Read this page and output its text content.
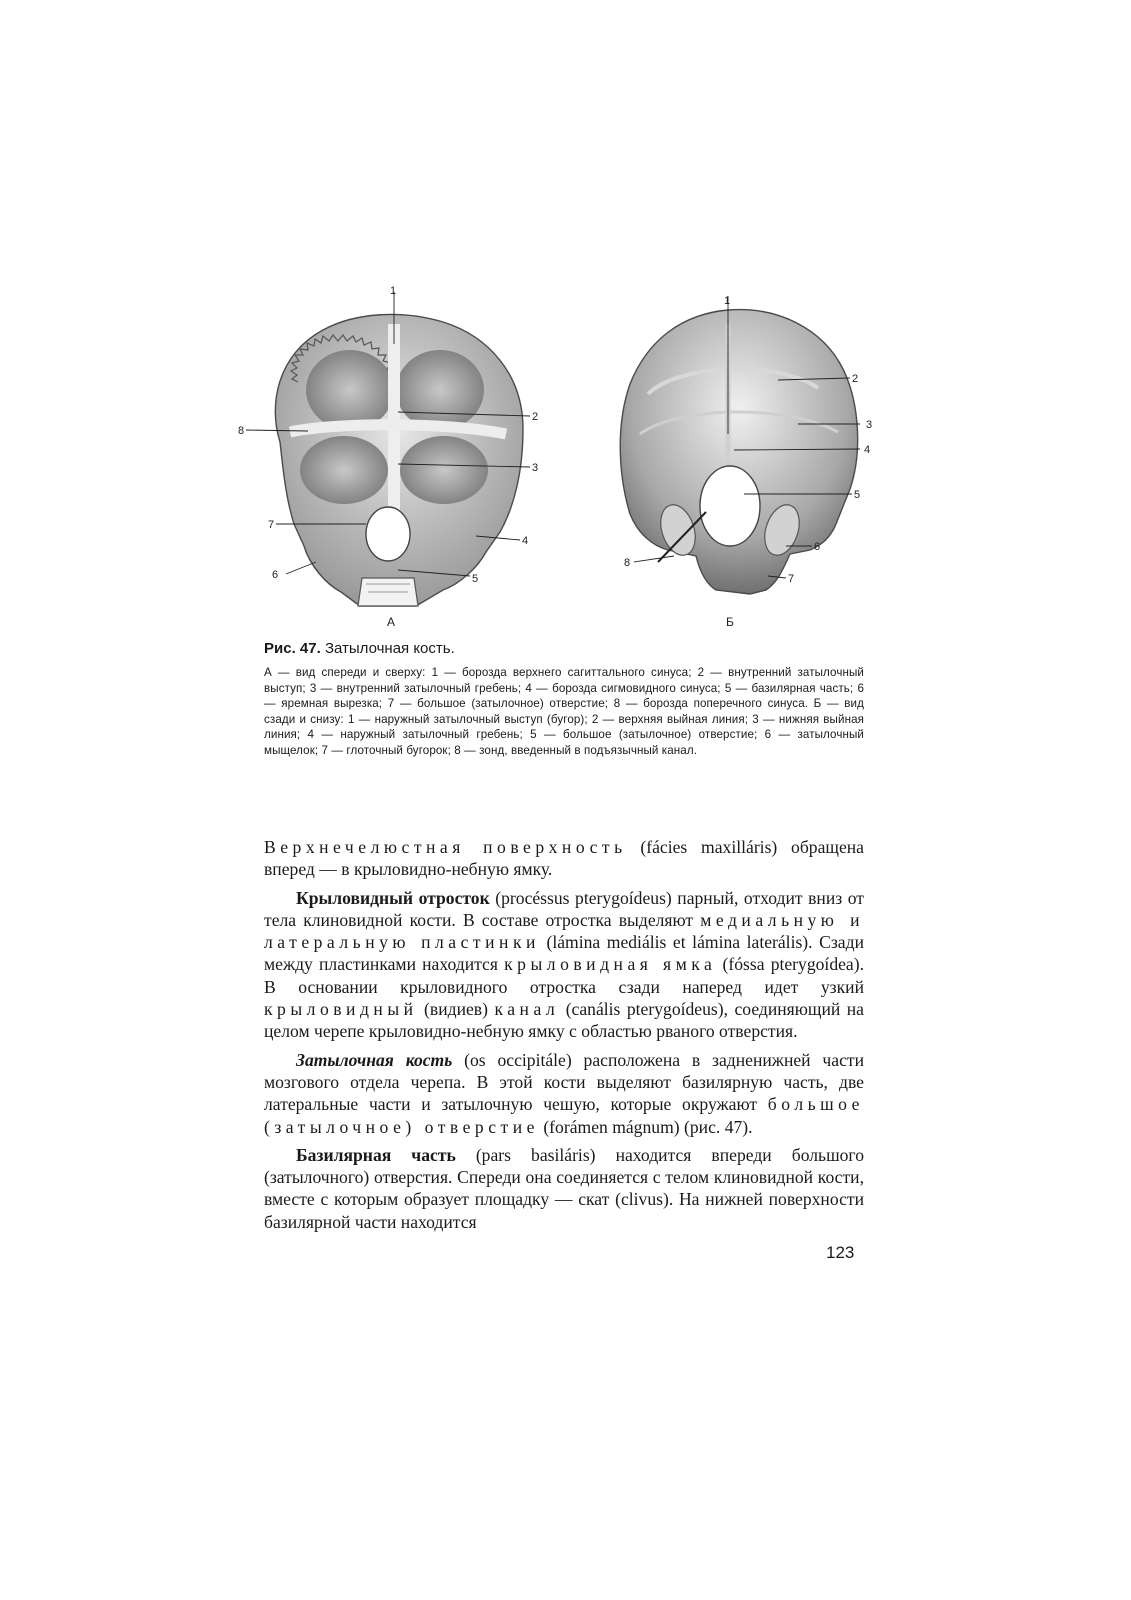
1
2
3
4
5
6
7
8
А
1
2
3
4
5
6
7
8
Б

Рис. 47. Затылочная кость.

А — вид спереди и сверху: 1 — борозда верхнего сагиттального синуса; 2 — внутренний затылочный выступ; 3 — внутренний затылочный гребень; 4 — борозда сигмовидного синуса; 5 — базилярная часть; 6 — яремная вырезка; 7 — большое (затылочное) отверстие; 8 — борозда поперечного синуса. Б — вид сзади и снизу: 1 — наружный затылочный выступ (бугор); 2 — верхняя выйная линия; 3 — нижняя выйная линия; 4 — наружный затылочный гребень; 5 — большое (затылочное) отверстие; 6 — затылочный мыщелок; 7 — глоточный бугорок; 8 — зонд, введенный в подъязычный канал.

Верхнечелюстная поверхность (fácies maxilláris) обращена вперед — в крыловидно-небную ямку.

Крыловидный отросток (procéssus pterygoídeus) парный, отходит вниз от тела клиновидной кости. В составе отростка выделяют медиальную и латеральную пластинки (lámina mediális et lámina laterális). Сзади между пластинками находится крыловидная ямка (fóssa pterygoídea). В основании крыловидного отростка сзади наперед идет узкий крыловидный (видиев) канал (canális pterygoídeus), соединяющий на целом черепе крыловидно-небную ямку с областью рваного отверстия.

Затылочная кость (os occipitále) расположена в задненижней части мозгового отдела черепа. В этой кости выделяют базилярную часть, две латеральные части и затылочную чешую, которые окружают большое (затылочное) отверстие (forámen mágnum) (рис. 47).

Базилярная часть (pars basiláris) находится впереди большого (затылочного) отверстия. Спереди она соединяется с телом клиновидной кости, вместе с которым образует площадку — скат (clivus). На нижней поверхности базилярной части находится

123
